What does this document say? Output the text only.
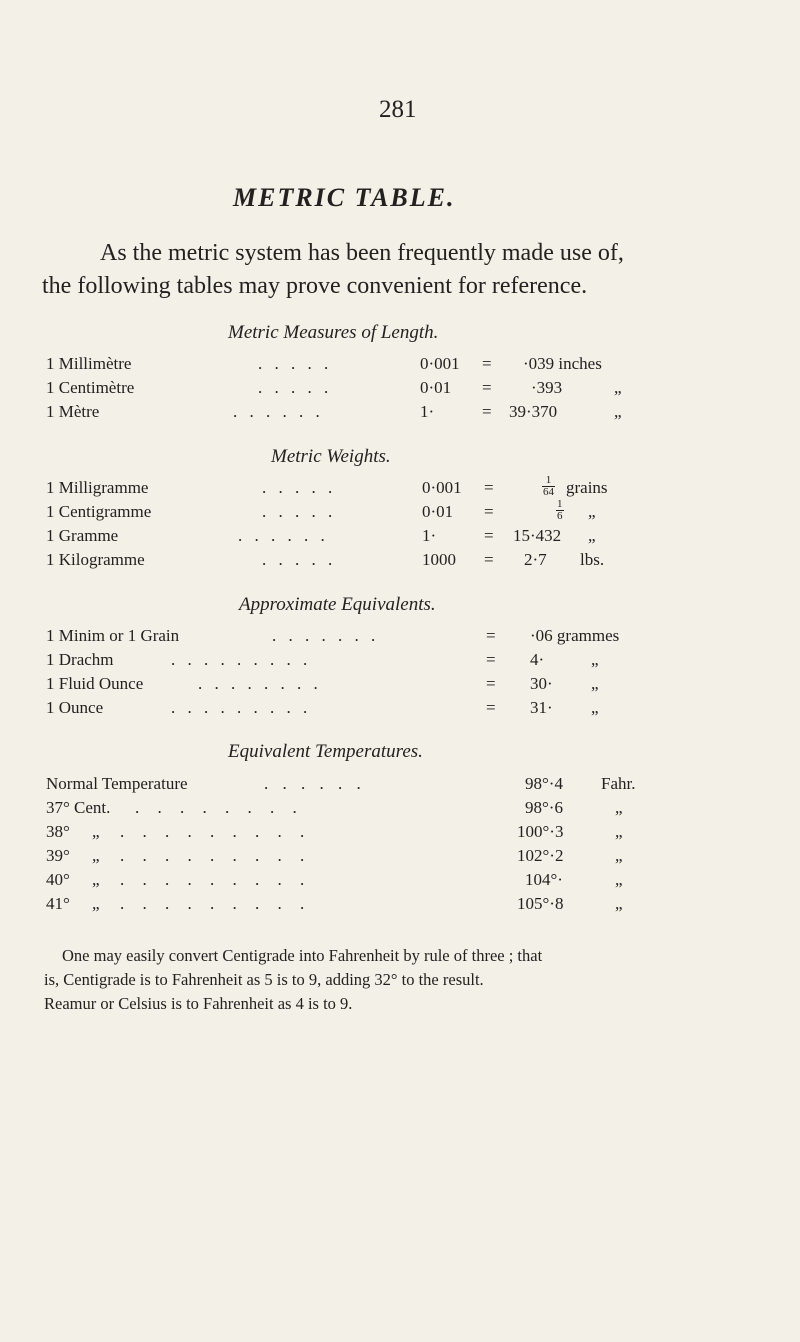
281
METRIC TABLE.
As the metric system has been frequently made use of,
the following tables may prove convenient for reference.
Metric Measures of Length.
1 Millimètre	. . . . .	0·001 = ·039 inches
1 Centimètre	. . . . .	0·01 = ·393	„
1 Mètre	. . . . . .	1·	= 39·370	„
Metric Weights.
1 Milligramme	. . . . .	0·001 =	$\frac{1}{64}$ grains
1 Centigramme	. . . . .	0·01 =	$\frac{1}{6}$ „
1 Gramme	. . . . . .	1·	= 15·432 „
1 Kilogramme	. . . . .	1000 = 2·7 lbs.
Approximate Equivalents.
1 Minim or 1 Grain	. . . . . . .	= ·06 grammes
1 Drachm	. . . . . . . . .	= 4·	„
1 Fluid Ounce	. . . . . . . .	= 30· „
1 Ounce	. . . . . . . . .	= 31· „
Equivalent Temperatures.
Normal Temperature	. . . . . .	98°·4 Fahr.
37° Cent. . . . . . . . .	98°·6	„
38° „ . . . . . . . . .	100°·3	„
39° „ . . . . . . . . .	102°·2	„
40° „ . . . . . . . . .	104°·	„
41° „ . . . . . . . . .	105°·8	„
One may easily convert Centigrade into Fahrenheit by rule of three ; that
is, Centigrade is to Fahrenheit as 5 is to 9, adding 32° to the result.
Reamur or Celsius is to Fahrenheit as 4 is to 9.
